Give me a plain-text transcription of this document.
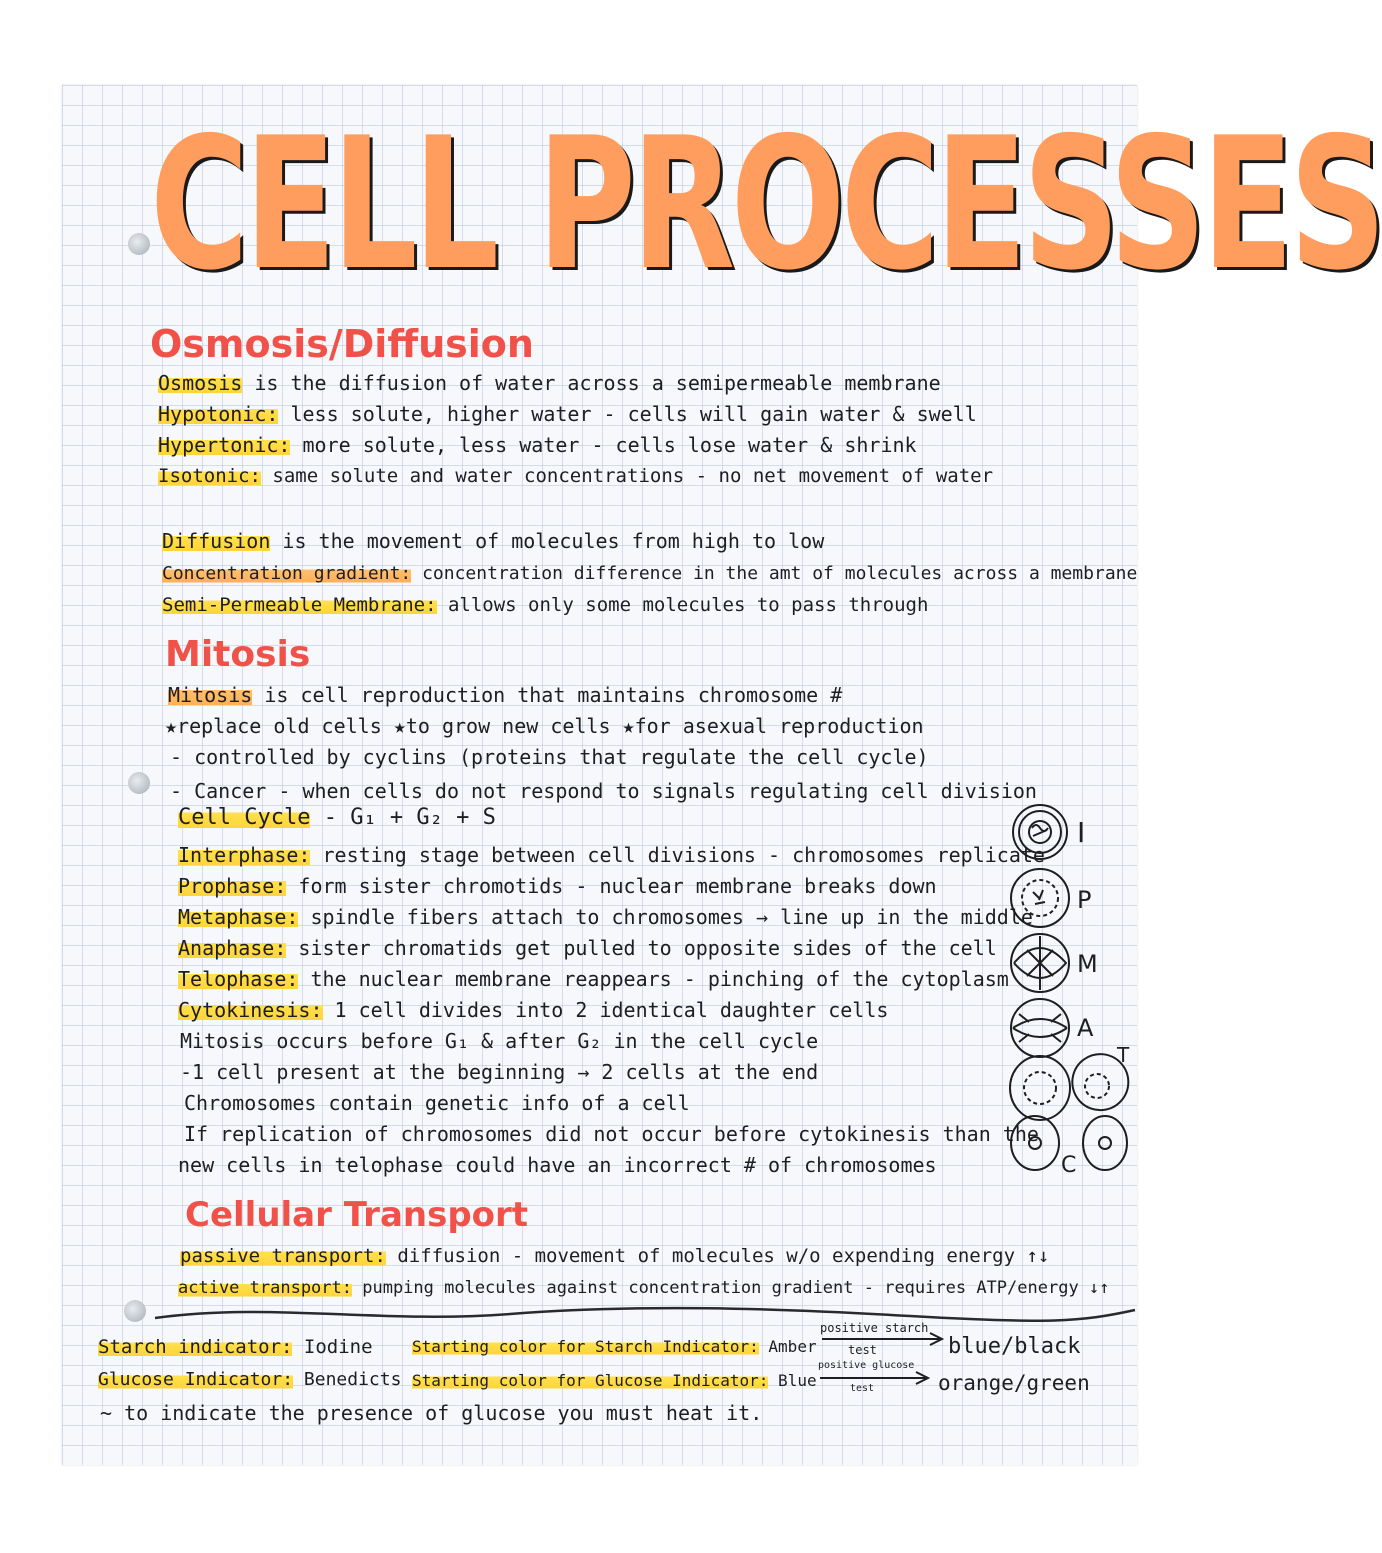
CELL PROCESSES
Osmosis/Diffusion
Osmosis is the diffusion of water across a semipermeable membrane
Hypotonic: less solute, higher water - cells will gain water & swell
Hypertonic: more solute, less water - cells lose water & shrink
Isotonic: same solute and water concentrations - no net movement of water
Diffusion is the movement of molecules from high to low
Concentration gradient: concentration difference in the amt of molecules across a membrane
Semi-Permeable Membrane: allows only some molecules to pass through
Mitosis
Mitosis is cell reproduction that maintains chromosome #
★replace old cells ★to grow new cells ★for asexual reproduction
- controlled by cyclins (proteins that regulate the cell cycle)
- Cancer - when cells do not respond to signals regulating cell division
Cell Cycle - G₁ + G₂ + S
Interphase: resting stage between cell divisions - chromosomes replicate
Prophase: form sister chromotids - nuclear membrane breaks down
Metaphase: spindle fibers attach to chromosomes → line up in the middle
Anaphase: sister chromatids get pulled to opposite sides of the cell
Telophase: the nuclear membrane reappears - pinching of the cytoplasm
Cytokinesis: 1 cell divides into 2 identical daughter cells
Mitosis occurs before G₁ & after G₂ in the cell cycle
-1 cell present at the beginning → 2 cells at the end
Chromosomes contain genetic info of a cell
If replication of chromosomes did not occur before cytokinesis than the
new cells in telophase could have an incorrect # of chromosomes
I
P
M
A
T
C
Cellular Transport
passive transport: diffusion - movement of molecules w/o expending energy ↑↓
active transport: pumping molecules against concentration gradient - requires ATP/energy ↓↑
Starch indicator: Iodine Starting color for Starch Indicator: Amber
positive starch
test	blue/black
Glucose Indicator: Benedicts Starting color for Glucose Indicator: Blue
positive glucose
test	orange/green
~ to indicate the presence of glucose you must heat it.
